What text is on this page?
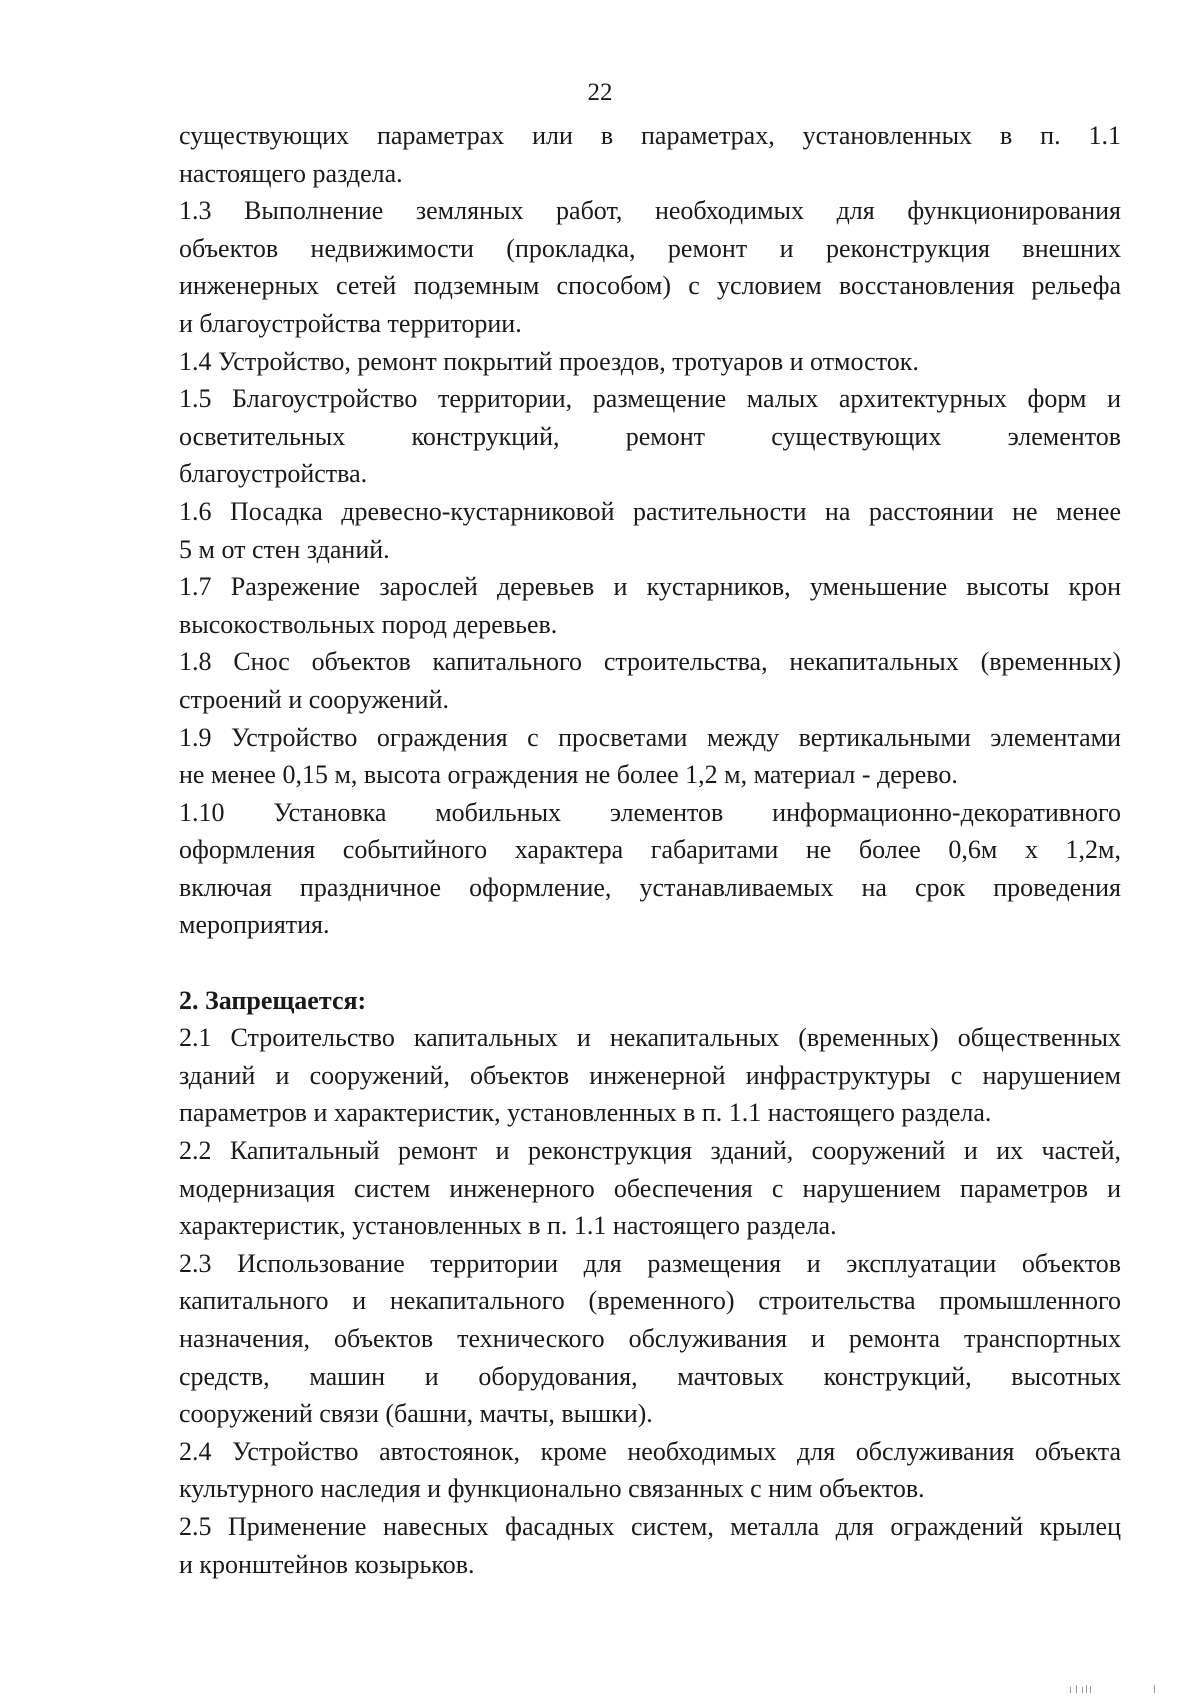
22
существующих параметрах или в параметрах, установленных в п. 1.1
настоящего раздела.
1.3 Выполнение земляных работ, необходимых для функционирования
объектов недвижимости (прокладка, ремонт и реконструкция внешних
инженерных сетей подземным способом) с условием восстановления рельефа
и благоустройства территории.
1.4 Устройство, ремонт покрытий проездов, тротуаров и отмосток.
1.5 Благоустройство территории, размещение малых архитектурных форм и
осветительных конструкций, ремонт существующих элементов
благоустройства.
1.6 Посадка древесно-кустарниковой растительности на расстоянии не менее
5 м от стен зданий.
1.7 Разрежение зарослей деревьев и кустарников, уменьшение высоты крон
высокоствольных пород деревьев.
1.8 Снос объектов капитального строительства, некапитальных (временных)
строений и сооружений.
1.9 Устройство ограждения с просветами между вертикальными элементами
не менее 0,15 м, высота ограждения не более 1,2 м, материал - дерево.
1.10 Установка мобильных элементов информационно-декоративного
оформления событийного характера габаритами не более 0,6м х 1,2м,
включая праздничное оформление, устанавливаемых на срок проведения
мероприятия.
2. Запрещается:
2.1 Строительство капитальных и некапитальных (временных) общественных
зданий и сооружений, объектов инженерной инфраструктуры с нарушением
параметров и характеристик, установленных в п. 1.1 настоящего раздела.
2.2 Капитальный ремонт и реконструкция зданий, сооружений и их частей,
модернизация систем инженерного обеспечения с нарушением параметров и
характеристик, установленных в п. 1.1 настоящего раздела.
2.3 Использование территории для размещения и эксплуатации объектов
капитального и некапитального (временного) строительства промышленного
назначения, объектов технического обслуживания и ремонта транспортных
средств, машин и оборудования, мачтовых конструкций, высотных
сооружений связи (башни, мачты, вышки).
2.4 Устройство автостоянок, кроме необходимых для обслуживания объекта
культурного наследия и функционально связанных с ним объектов.
2.5 Применение навесных фасадных систем, металла для ограждений крылец
и кронштейнов козырьков.
